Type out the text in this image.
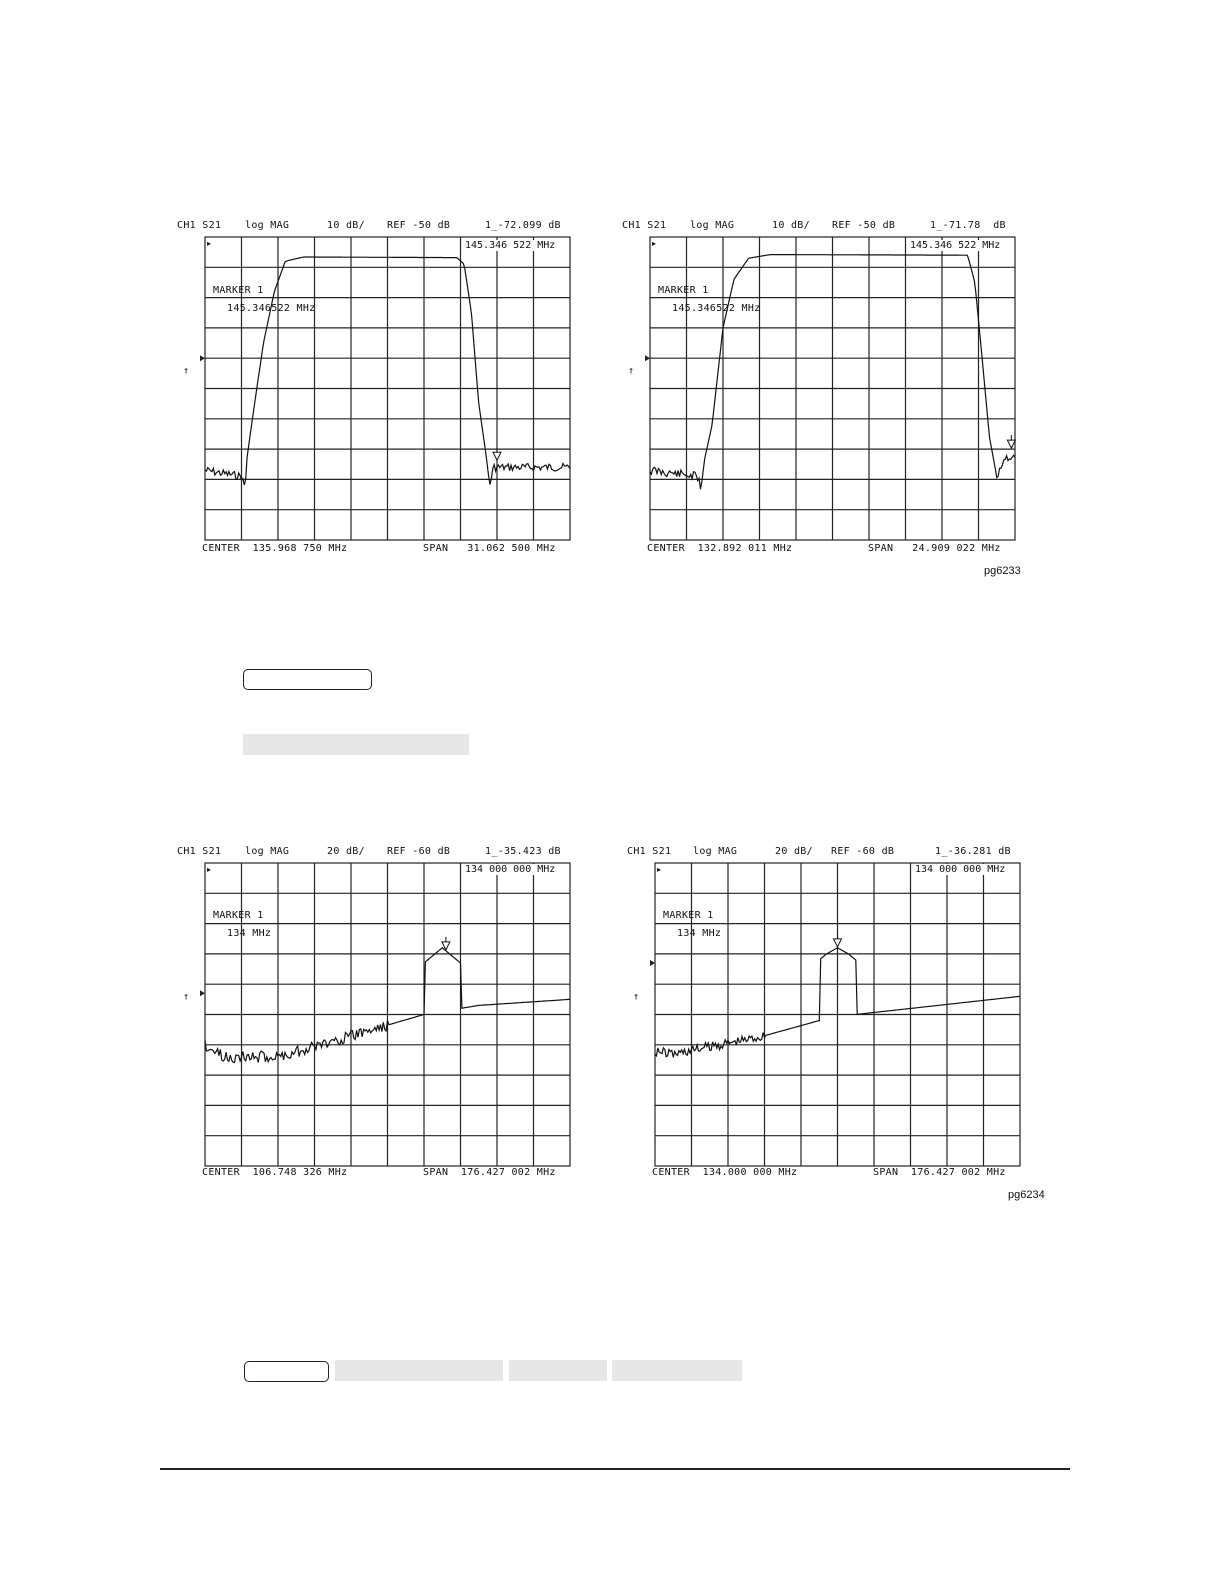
CH1 S21 log MAG	10 dB/ REF -50 dB	1_-72.099 dB
↑
▸	145.346 522 MHz
MARKER 1
145.346522 MHz
CENTER  135.968 750 MHz	SPAN   31.062 500 MHz
CH1 S21 log MAG	10 dB/ REF -50 dB	1_-71.78  dB
↑
▸	145.346 522 MHz
MARKER 1
145.346522 MHz
CENTER  132.892 011 MHz	SPAN   24.909 022 MHz
pg6233
CH1 S21 log MAG	20 dB/ REF -60 dB	1_-35.423 dB
↑
▸	134 000 000 MHz
MARKER 1
134 MHz
CENTER  106.748 326 MHz	SPAN  176.427 002 MHz
CH1 S21 log MAG	20 dB/ REF -60 dB	1_-36.281 dB
↑
▸	134 000 000 MHz
MARKER 1
134 MHz
CENTER  134.000 000 MHz	SPAN  176.427 002 MHz
pg6234
